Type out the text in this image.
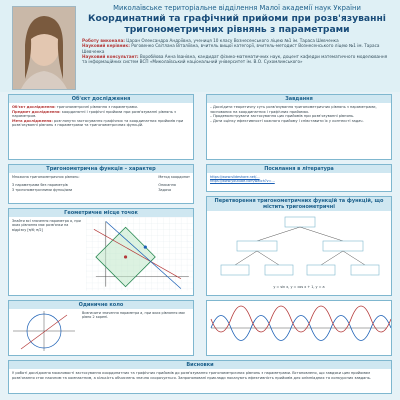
Миколаївське територіальне відділення Малої академії наук України
Координатний та графічний прийоми при розв'язуванні
тригонометричних рівнянь з параметрами
Роботу виконала: Царан Олександра Андріївна, учениця 10 класу Вознесенського ліцею №1 ім. Тараса Шевченка
Науковий керівник: Роговенко Світлана Віталіївна, вчитель вищої категорії, вчитель-методист Вознесенського ліцею №1 ім. Тараса Шевченка
Науковий консультант: Воробйова Анна Іванівна, кандидат фізико-математичних наук, доцент кафедри математичного моделювання та інформаційних систем ВСП «Миколаївський національний університет ім. В.О. Сухомлинського»
Об'єкт дослідження
Об'єкт дослідження: тригонометричні рівняння з параметрами.
Предмет дослідження: координатні і графічні прийоми при розв'язуванні рівнянь з параметром.
Мета дослідження: розглянути застосування графічних та координатних прийомів при розв'язуванні рівнянь з параметрами та тригонометричних функцій.
Завдання
– Дослідити теоретичну суть розв'язування тригонометричних рівнянь з параметрами, заснованих на координатних і графічних прийомах.
– Продемонструвати застосування цих прийомів при розв'язуванні рівнянь.
– Дати оцінку ефективності кожного прийому і співставити їх у контексті задач.
Тригонометрична функція – характер
Множина тригонометричних рівнянь:
З параметрами без параметрів
З тригонометричними функціями
Метод координат
Описання
Задача
Посилання в література
https://www.slideshare.net/...
https://www.youtube.com/watch?v=...
Геометричне місце точок
Знайти всі значення параметра a, при яких рівняння має розв'язки на відрізку [π/6; π/2]
Перетворення тригонометричних функцій та функцій, що містить тригонометричні
y = sin x, y = cos x + 1, y = a
Одиничне коло
Визначити значення параметра a, при яких рівняння має рівно 2 корені.
Висновки
У роботі досліджено можливості застосування координатних та графічних прийомів до розв'язування тригонометричних рівнянь з параметрами. Встановлено, що завдяки цим прийомам розв'язання стає наочним та компактним, а кількість обчислень значно скорочується. Запропоновані приклади показують ефективність прийомів для олімпіадних та конкурсних завдань.
